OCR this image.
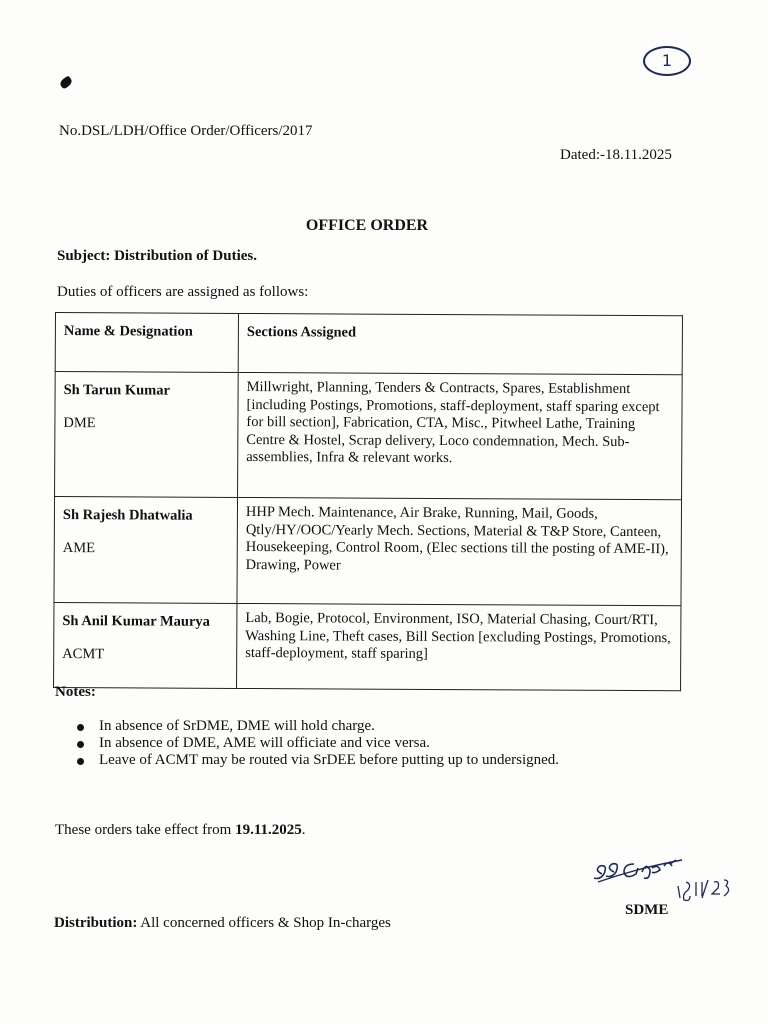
1
No.DSL/LDH/Office Order/Officers/2017
Dated:-18.11.2025
OFFICE ORDER
Subject: Distribution of Duties.
Duties of officers are assigned as follows:
Name & Designation	Sections Assigned

Sh Tarun Kumar
DME	Millwright, Planning, Tenders & Contracts, Spares, Establishment [including Postings, Promotions, staff-deployment, staff sparing except for bill section], Fabrication, CTA, Misc., Pitwheel Lathe, Training Centre & Hostel, Scrap delivery, Loco condemnation, Mech. Sub-assemblies, Infra & relevant works.

Sh Rajesh Dhatwalia
AME	HHP Mech. Maintenance, Air Brake, Running, Mail, Goods, Qtly/HY/OOC/Yearly Mech. Sections, Material & T&P Store, Canteen, Housekeeping, Control Room, (Elec sections till the posting of AME-II), Drawing, Power

Sh Anil Kumar Maurya
ACMT	Lab, Bogie, Protocol, Environment, ISO, Material Chasing, Court/RTI, Washing Line, Theft cases, Bill Section [excluding Postings, Promotions, staff-deployment, staff sparing]
Notes:
In absence of SrDME, DME will hold charge.
In absence of DME, AME will officiate and vice versa.
Leave of ACMT may be routed via SrDEE before putting up to undersigned.
These orders take effect from 19.11.2025.
SDME
Distribution: All concerned officers & Shop In-charges
